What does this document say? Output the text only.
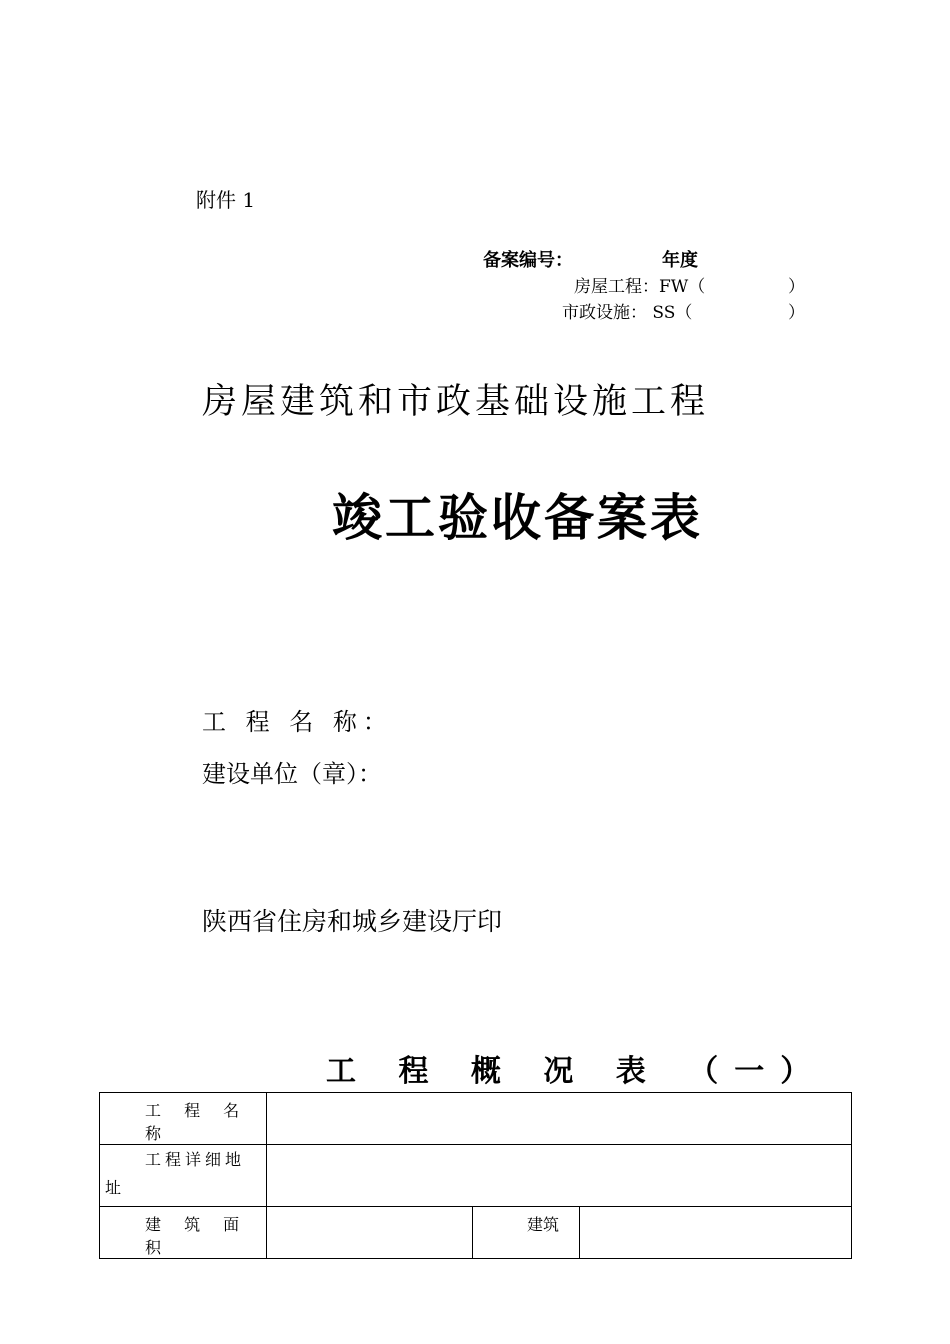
附件 1
备案编号：	年度
房屋工程：FW（	）
市政设施： SS（	）
房屋建筑和市政基础设施工程
竣工验收备案表
工 程 名 称：
建设单位（章）：
陕西省住房和城乡建设厅印
工 程 概 况 表 （一）
工 程 名 称			

工程详细地
址			

建 筑 面 积		建筑	
